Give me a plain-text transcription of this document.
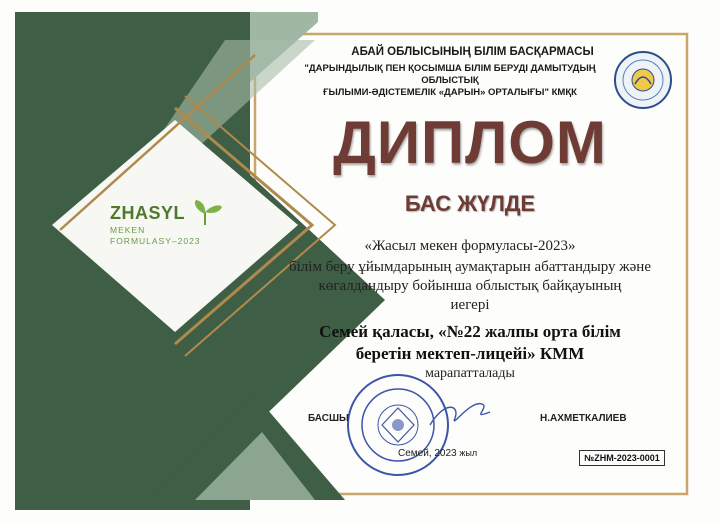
ZHASYL
MEKEN
FORMULASY–2023
АБАЙ ОБЛЫСЫНЫҢ БІЛІМ БАСҚАРМАСЫ
"ДАРЫНДЫЛЫҚ ПЕН ҚОСЫМША БІЛІМ БЕРУДІ ДАМЫТУДЫҢ ОБЛЫСТЫҚ
ҒЫЛЫМИ-ӘДІСТЕМЕЛІК «ДАРЫН» ОРТАЛЫҒЫ" КМҚК
ДИПЛОМ
БАС ЖҮЛДЕ
«Жасыл мекен формуласы-2023»
білім беру ұйымдарының аумақтарын абаттандыру және
көгалдандыру бойынша облыстық байқауының
иегері
Семей қаласы, «№22 жалпы орта білім
беретін мектеп-лицейі» КММ
марапатталады
БАСШЫ	Н.АХМЕТКАЛИЕВ
Семей, 2023 жыл	№ZHM-2023-0001
